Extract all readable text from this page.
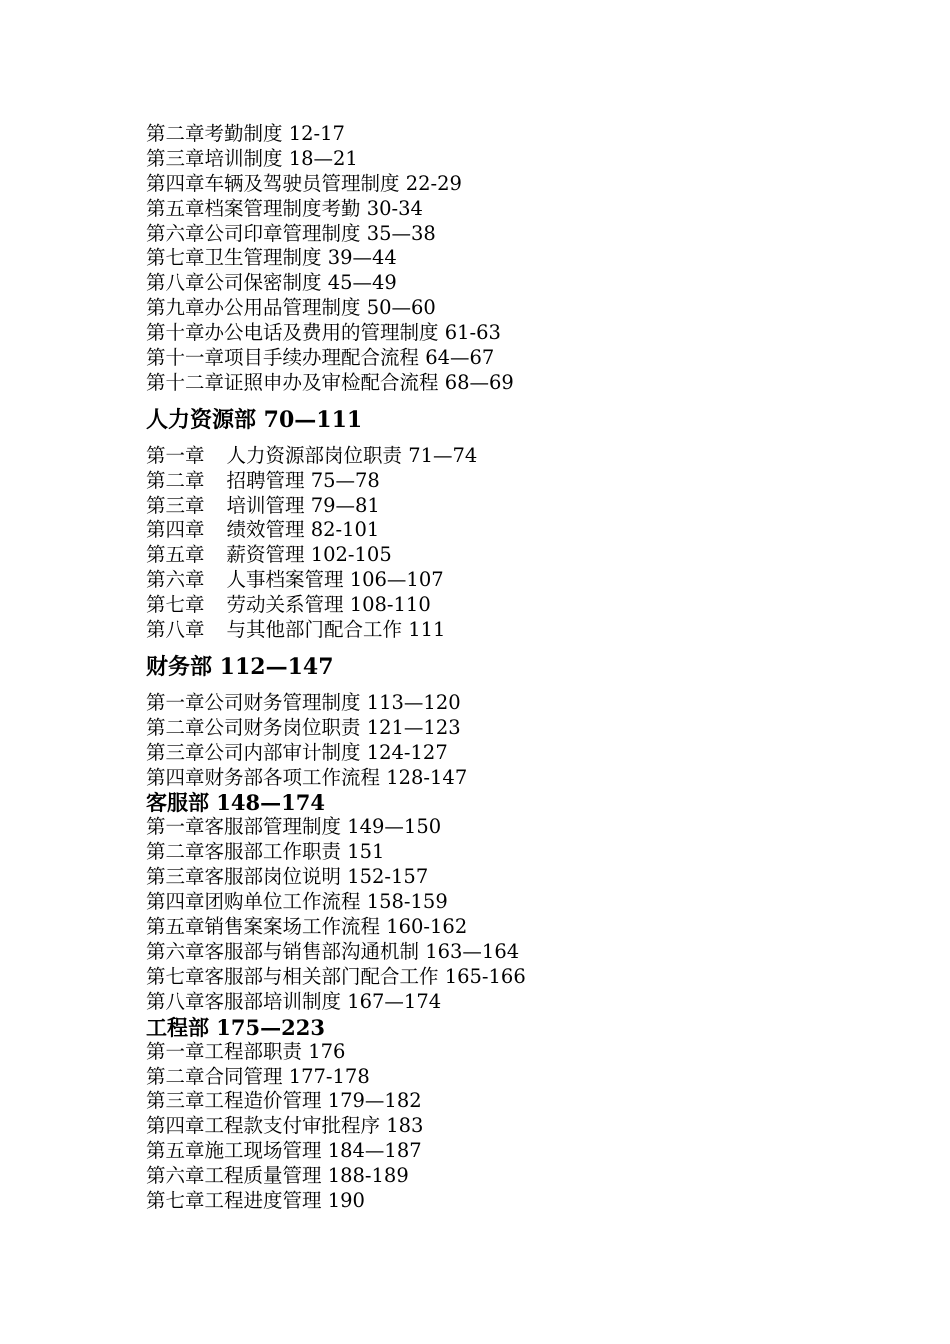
第二章考勤制度 12-17
第三章培训制度 18—21
第四章车辆及驾驶员管理制度 22-29
第五章档案管理制度考勤 30-34
第六章公司印章管理制度 35—38
第七章卫生管理制度 39—44
第八章公司保密制度 45—49
第九章办公用品管理制度 50—60
第十章办公电话及费用的管理制度 61-63
第十一章项目手续办理配合流程 64—67
第十二章证照申办及审检配合流程 68—69
人力资源部 70—111
第一章 人力资源部岗位职责 71—74
第二章 招聘管理 75—78
第三章 培训管理 79—81
第四章 绩效管理 82-101
第五章 薪资管理 102-105
第六章 人事档案管理 106—107
第七章 劳动关系管理 108-110
第八章 与其他部门配合工作 111
财务部 112—147
第一章公司财务管理制度 113—120
第二章公司财务岗位职责 121—123
第三章公司内部审计制度 124-127
第四章财务部各项工作流程 128-147
客服部 148—174
第一章客服部管理制度 149—150
第二章客服部工作职责 151
第三章客服部岗位说明 152-157
第四章团购单位工作流程 158-159
第五章销售案案场工作流程 160-162
第六章客服部与销售部沟通机制 163—164
第七章客服部与相关部门配合工作 165-166
第八章客服部培训制度 167—174
工程部 175—223
第一章工程部职责 176
第二章合同管理 177-178
第三章工程造价管理 179—182
第四章工程款支付审批程序 183
第五章施工现场管理 184—187
第六章工程质量管理 188-189
第七章工程进度管理 190
